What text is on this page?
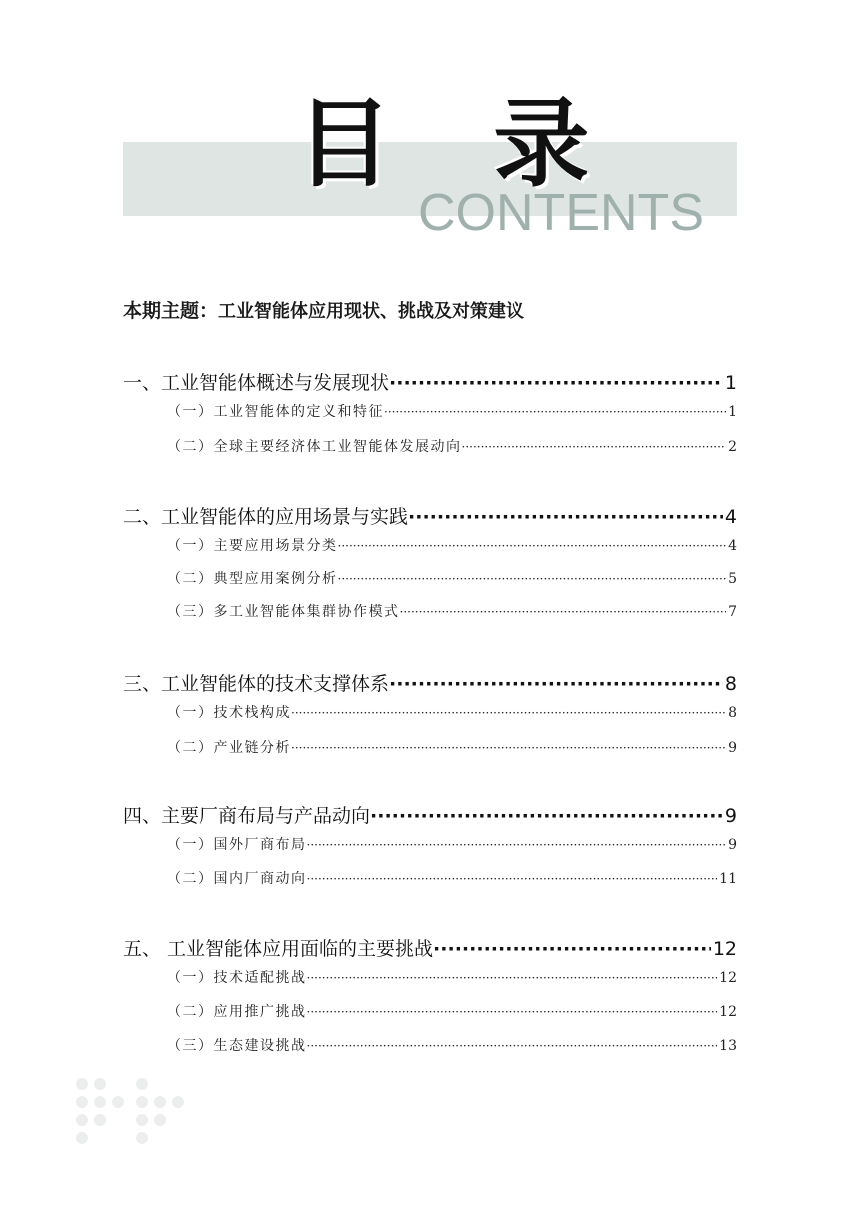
目 录
CONTENTS
本期主题：工业智能体应用现状、挑战及对策建议
一、工业智能体概述与发展现状 ·····	1
（一）工业智能体的定义和特征 ·····	1
（二）全球主要经济体工业智能体发展动向 ·····	2
二、工业智能体的应用场景与实践 ·····	4
（一）主要应用场景分类 ·····	4
（二）典型应用案例分析 ·····	5
（三）多工业智能体集群协作模式 ·····	7
三、工业智能体的技术支撑体系 ·····	8
（一）技术栈构成 ·····	8
（二）产业链分析 ·····	9
四、主要厂商布局与产品动向 ·····	9
（一）国外厂商布局 ·····	9
（二）国内厂商动向 ·····	11
五、 工业智能体应用面临的主要挑战 ·····	12
（一）技术适配挑战 ·····	12
（二）应用推广挑战 ·····	12
（三）生态建设挑战 ·····	13
